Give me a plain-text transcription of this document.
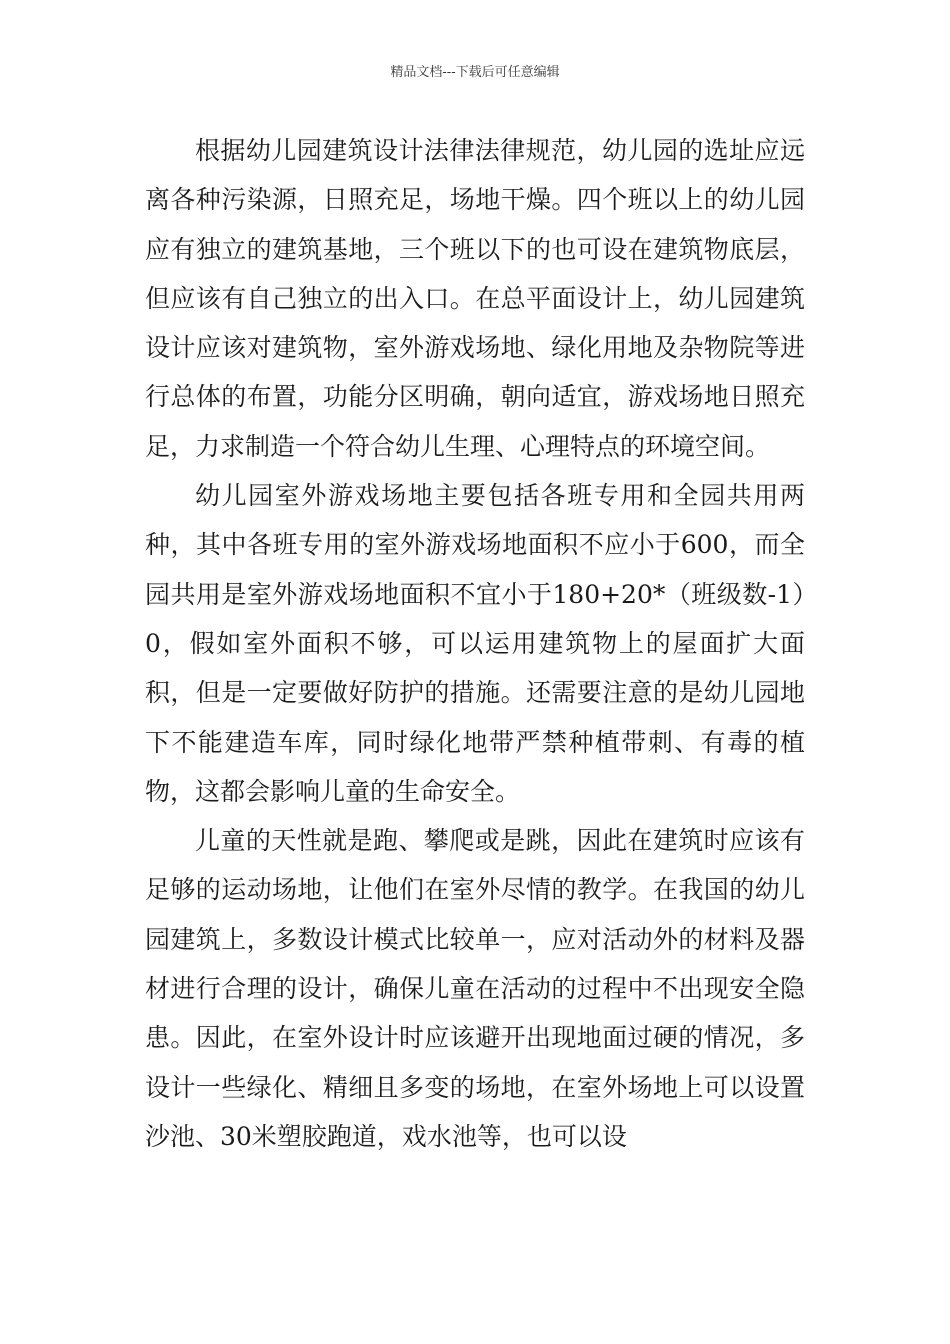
精品文档---下载后可任意编辑

根据幼儿园建筑设计法律法律规范，幼儿园的选址应远离各种污染源，日照充足，场地干燥。四个班以上的幼儿园应有独立的建筑基地，三个班以下的也可设在建筑物底层，但应该有自己独立的出入口。在总平面设计上，幼儿园建筑设计应该对建筑物，室外游戏场地、绿化用地及杂物院等进行总体的布置，功能分区明确，朝向适宜，游戏场地日照充足，力求制造一个符合幼儿生理、心理特点的环境空间。

幼儿园室外游戏场地主要包括各班专用和全园共用两种，其中各班专用的室外游戏场地面积不应小于600，而全园共用是室外游戏场地面积不宜小于180+20*（班级数-1）0，假如室外面积不够，可以运用建筑物上的屋面扩大面积，但是一定要做好防护的措施。还需要注意的是幼儿园地下不能建造车库，同时绿化地带严禁种植带刺、有毒的植物，这都会影响儿童的生命安全。

儿童的天性就是跑、攀爬或是跳，因此在建筑时应该有足够的运动场地，让他们在室外尽情的教学。在我国的幼儿园建筑上，多数设计模式比较单一，应对活动外的材料及器材进行合理的设计，确保儿童在活动的过程中不出现安全隐患。因此，在室外设计时应该避开出现地面过硬的情况，多设计一些绿化、精细且多变的场地，在室外场地上可以设置沙池、30米塑胶跑道，戏水池等，也可以设
